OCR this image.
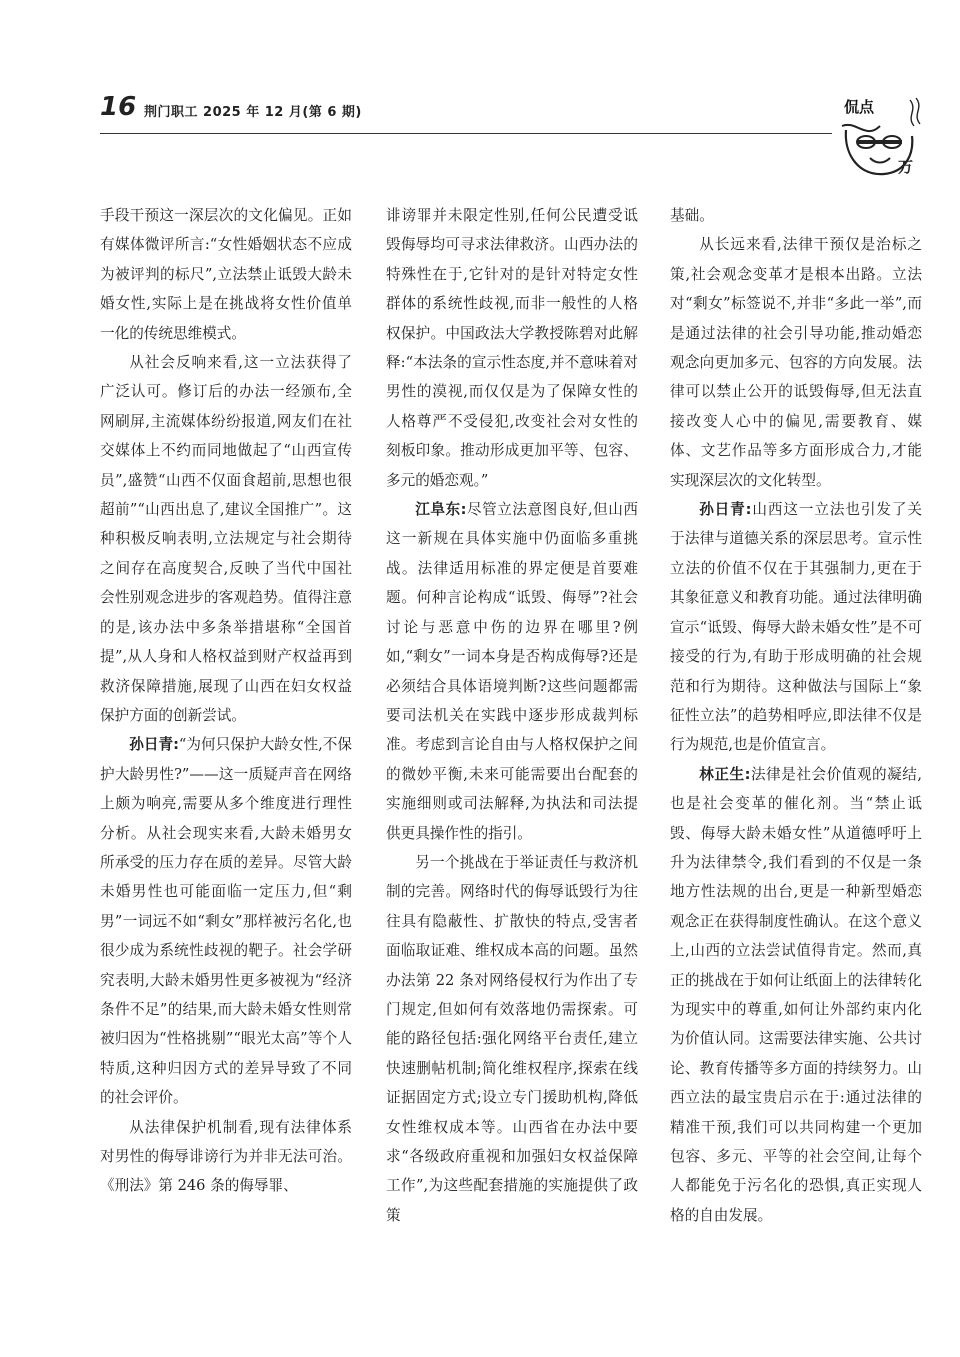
16 荆门职工 2025 年 12 月(第 6 期)
万
侃点

手段干预这一深层次的文化偏见。正如有媒体微评所言:“女性婚姻状态不应成为被评判的标尺”,立法禁止诋毁大龄未婚女性,实际上是在挑战将女性价值单一化的传统思维模式。

从社会反响来看,这一立法获得了广泛认可。修订后的办法一经颁布,全网刷屏,主流媒体纷纷报道,网友们在社交媒体上不约而同地做起了“山西宣传员”,盛赞“山西不仅面食超前,思想也很超前”“山西出息了,建议全国推广”。这种积极反响表明,立法规定与社会期待之间存在高度契合,反映了当代中国社会性别观念进步的客观趋势。值得注意的是,该办法中多条举措堪称“全国首提”,从人身和人格权益到财产权益再到救济保障措施,展现了山西在妇女权益保护方面的创新尝试。

孙日青:“为何只保护大龄女性,不保护大龄男性?”——这一质疑声音在网络上颇为响亮,需要从多个维度进行理性分析。从社会现实来看,大龄未婚男女所承受的压力存在质的差异。尽管大龄未婚男性也可能面临一定压力,但“剩男”一词远不如“剩女”那样被污名化,也很少成为系统性歧视的靶子。社会学研究表明,大龄未婚男性更多被视为“经济条件不足”的结果,而大龄未婚女性则常被归因为“性格挑剔”“眼光太高”等个人特质,这种归因方式的差异导致了不同的社会评价。

从法律保护机制看,现有法律体系对男性的侮辱诽谤行为并非无法可治。《刑法》第 246 条的侮辱罪、

诽谤罪并未限定性别,任何公民遭受诋毁侮辱均可寻求法律救济。山西办法的特殊性在于,它针对的是针对特定女性群体的系统性歧视,而非一般性的人格权保护。中国政法大学教授陈碧对此解释:“本法条的宣示性态度,并不意味着对男性的漠视,而仅仅是为了保障女性的人格尊严不受侵犯,改变社会对女性的刻板印象。推动形成更加平等、包容、多元的婚恋观。”

江阜东:尽管立法意图良好,但山西这一新规在具体实施中仍面临多重挑战。法律适用标准的界定便是首要难题。何种言论构成“诋毁、侮辱”?社会讨论与恶意中伤的边界在哪里?例如,“剩女”一词本身是否构成侮辱?还是必须结合具体语境判断?这些问题都需要司法机关在实践中逐步形成裁判标准。考虑到言论自由与人格权保护之间的微妙平衡,未来可能需要出台配套的实施细则或司法解释,为执法和司法提供更具操作性的指引。

另一个挑战在于举证责任与救济机制的完善。网络时代的侮辱诋毁行为往往具有隐蔽性、扩散快的特点,受害者面临取证难、维权成本高的问题。虽然办法第 22 条对网络侵权行为作出了专门规定,但如何有效落地仍需探索。可能的路径包括:强化网络平台责任,建立快速删帖机制;简化维权程序,探索在线证据固定方式;设立专门援助机构,降低女性维权成本等。山西省在办法中要求“各级政府重视和加强妇女权益保障工作”,为这些配套措施的实施提供了政策

基础。

从长远来看,法律干预仅是治标之策,社会观念变革才是根本出路。立法对“剩女”标签说不,并非“多此一举”,而是通过法律的社会引导功能,推动婚恋观念向更加多元、包容的方向发展。法律可以禁止公开的诋毁侮辱,但无法直接改变人心中的偏见,需要教育、媒体、文艺作品等多方面形成合力,才能实现深层次的文化转型。

孙日青:山西这一立法也引发了关于法律与道德关系的深层思考。宣示性立法的价值不仅在于其强制力,更在于其象征意义和教育功能。通过法律明确宣示“诋毁、侮辱大龄未婚女性”是不可接受的行为,有助于形成明确的社会规范和行为期待。这种做法与国际上“象征性立法”的趋势相呼应,即法律不仅是行为规范,也是价值宣言。

林正生:法律是社会价值观的凝结,也是社会变革的催化剂。当“禁止诋毁、侮辱大龄未婚女性”从道德呼吁上升为法律禁令,我们看到的不仅是一条地方性法规的出台,更是一种新型婚恋观念正在获得制度性确认。在这个意义上,山西的立法尝试值得肯定。然而,真正的挑战在于如何让纸面上的法律转化为现实中的尊重,如何让外部约束内化为价值认同。这需要法律实施、公共讨论、教育传播等多方面的持续努力。山西立法的最宝贵启示在于:通过法律的精准干预,我们可以共同构建一个更加包容、多元、平等的社会空间,让每个人都能免于污名化的恐惧,真正实现人格的自由发展。
